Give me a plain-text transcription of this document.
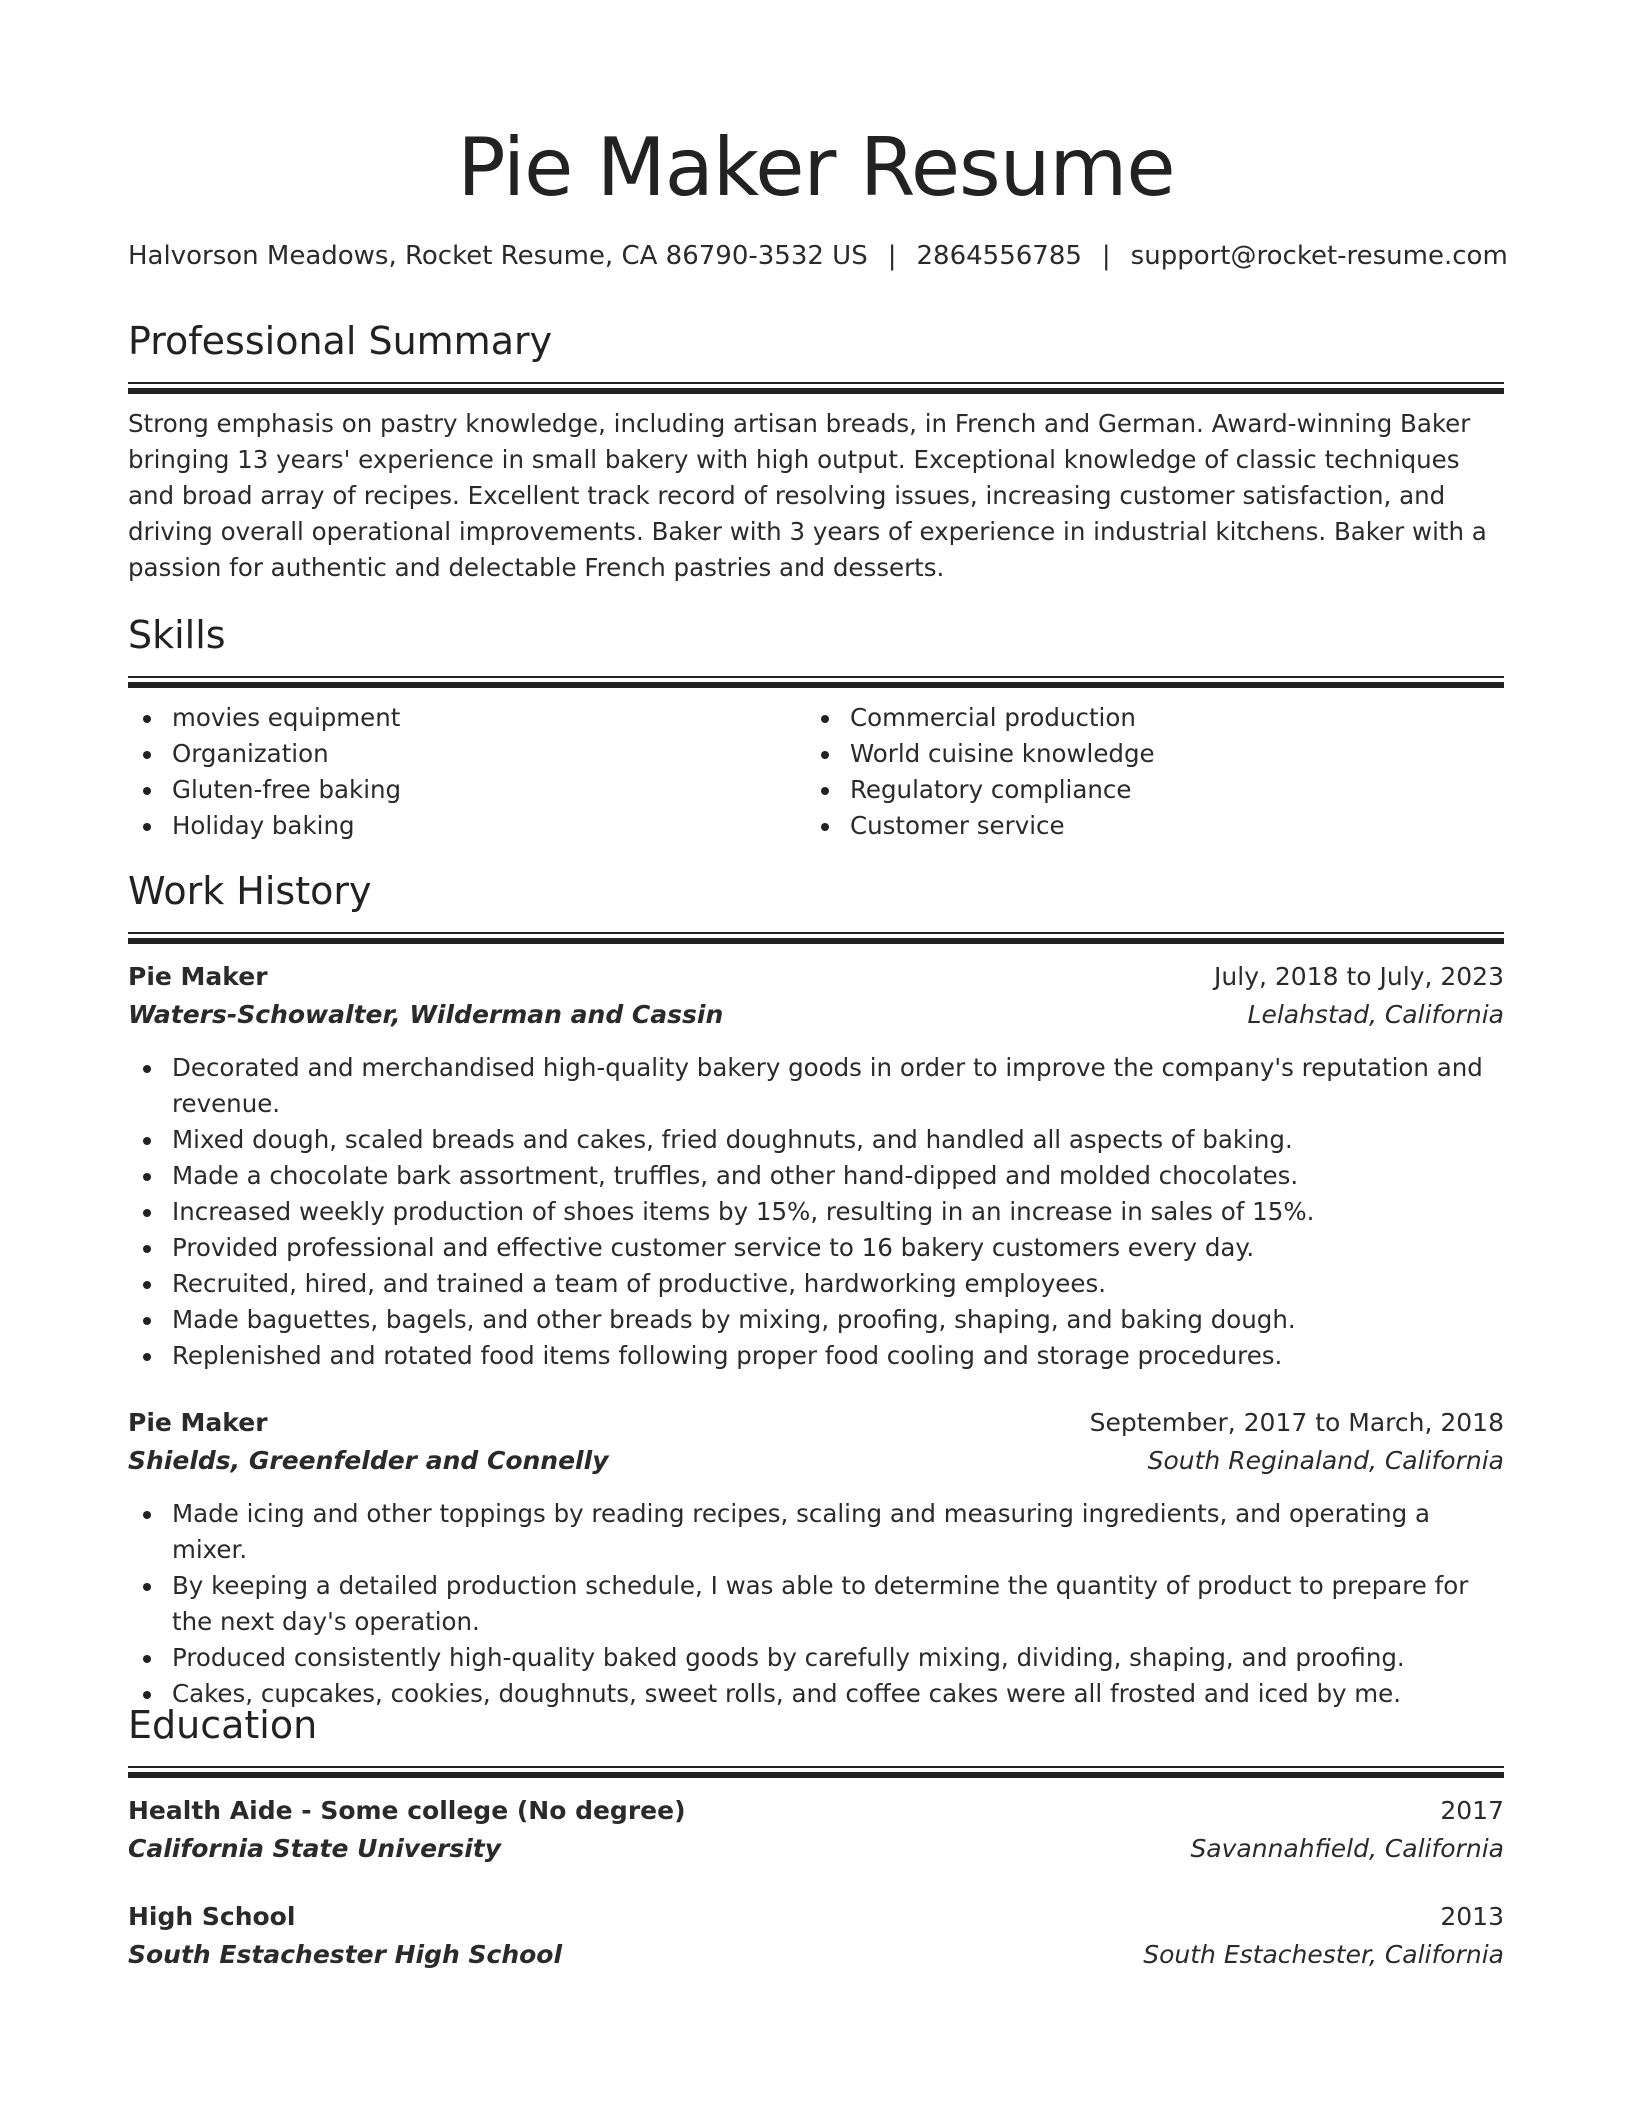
Pie Maker Resume
Halvorson Meadows, Rocket Resume, CA 86790-3532 US | 2864556785 | support@rocket-resume.com
Professional Summary

Strong emphasis on pastry knowledge, including artisan breads, in French and German. Award-winning Baker bringing 13 years' experience in small bakery with high output. Exceptional knowledge of classic techniques and broad array of recipes. Excellent track record of resolving issues, increasing customer satisfaction, and driving overall operational improvements. Baker with 3 years of experience in industrial kitchens. Baker with a passion for authentic and delectable French pastries and desserts.

Skills
movies equipment
Organization
Gluten-free baking
Holiday baking
Commercial production
World cuisine knowledge
Regulatory compliance
Customer service
Work History
Pie Maker	July, 2018 to July, 2023
Waters-Schowalter, Wilderman and Cassin	Lelahstad, California
Decorated and merchandised high-quality bakery goods in order to improve the company's reputation and revenue.
Mixed dough, scaled breads and cakes, fried doughnuts, and handled all aspects of baking.
Made a chocolate bark assortment, truffles, and other hand-dipped and molded chocolates.
Increased weekly production of shoes items by 15%, resulting in an increase in sales of 15%.
Provided professional and effective customer service to 16 bakery customers every day.
Recruited, hired, and trained a team of productive, hardworking employees.
Made baguettes, bagels, and other breads by mixing, proofing, shaping, and baking dough.
Replenished and rotated food items following proper food cooling and storage procedures.
Pie Maker	September, 2017 to March, 2018
Shields, Greenfelder and Connelly	South Reginaland, California
Made icing and other toppings by reading recipes, scaling and measuring ingredients, and operating a mixer.
By keeping a detailed production schedule, I was able to determine the quantity of product to prepare for the next day's operation.
Produced consistently high-quality baked goods by carefully mixing, dividing, shaping, and proofing.
Cakes, cupcakes, cookies, doughnuts, sweet rolls, and coffee cakes were all frosted and iced by me.
Education
Health Aide - Some college (No degree)	2017
California State University	Savannahfield, California
High School	2013
South Estachester High School	South Estachester, California
